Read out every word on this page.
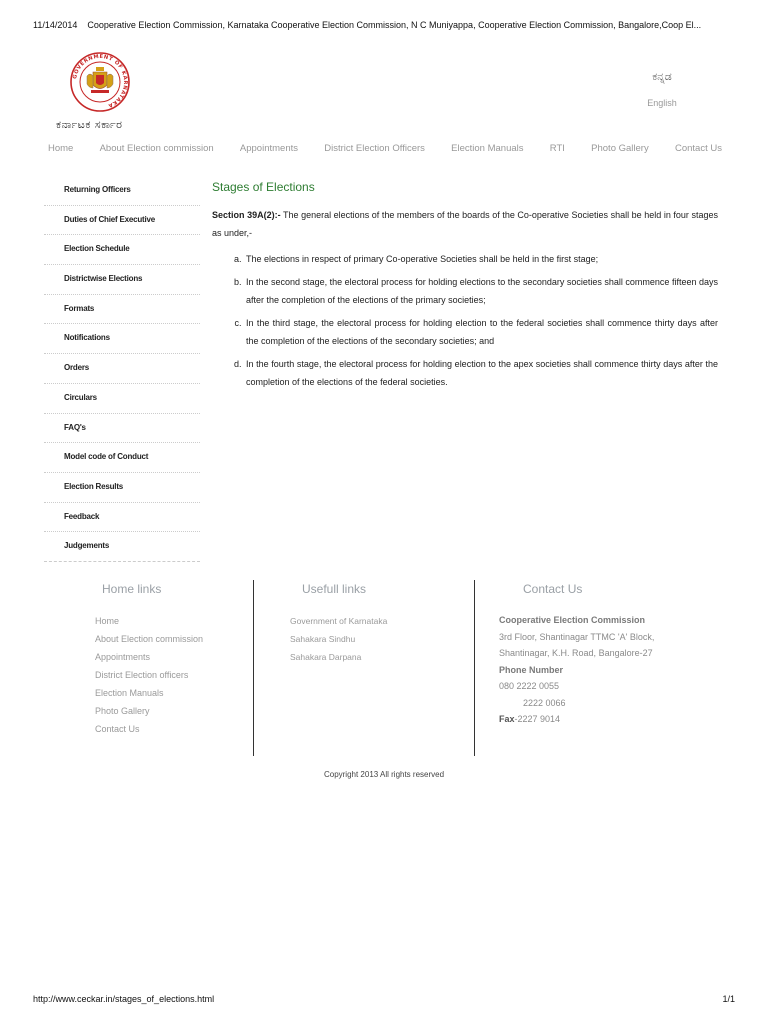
11/14/2014 Cooperative Election Commission, Karnataka Cooperative Election Commission, N C Muniyappa, Cooperative Election Commission, Bangalore,Coop El...
GOVERNMENT OF KARNATAKA
ಕರ್ನಾಟಕ ಸರ್ಕಾರ
ಕನ್ನಡ
English
Home	About Election commission	Appointments	District Election Officers	Election Manuals	RTI	Photo Gallery	Contact Us
Returning Officers
Duties of Chief Executive
Election Schedule
Districtwise Elections
Formats
Notifications
Orders
Circulars
FAQ's
Model code of Conduct
Election Results
Feedback
Judgements
Stages of Elections

Section 39A(2):- The general elections of the members of the boards of the Co-operative Societies shall be held in four stages as under,-

a. The elections in respect of primary Co-operative Societies shall be held in the first stage;
b. In the second stage, the electoral process for holding elections to the secondary societies shall commence fifteen days after the completion of the elections of the primary societies;
c. In the third stage, the electoral process for holding election to the federal societies shall commence thirty days after the completion of the elections of the secondary societies; and
d. In the fourth stage, the electoral process for holding election to the apex societies shall commence thirty days after the completion of the elections of the federal societies.
Home links
Home
About Election commission
Appointments
District Election officers
Election Manuals
Photo Gallery
Contact Us
Usefull links
Government of Karnataka
Sahakara Sindhu
Sahakara Darpana
Contact Us
Cooperative Election Commission
3rd Floor, Shantinagar TTMC 'A' Block,
Shantinagar, K.H. Road, Bangalore-27
Phone Number
080 2222 0055
2222 0066
Fax-2227 9014
Copyright 2013 All rights reserved
http://www.ceckar.in/stages_of_elections.html	1/1
